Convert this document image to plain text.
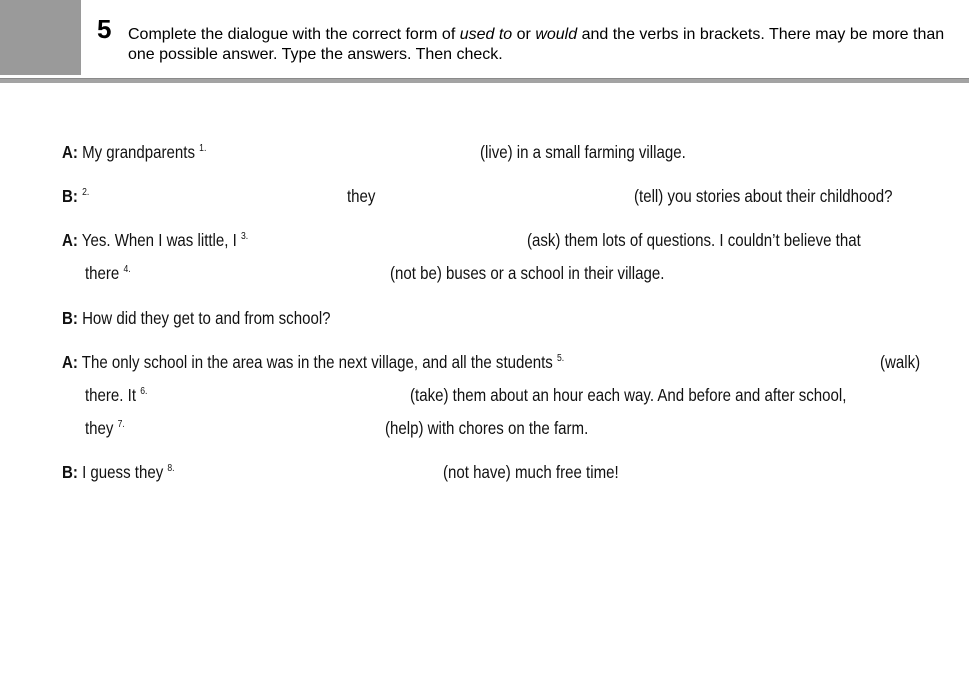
5 Complete the dialogue with the correct form of used to or would and the verbs in brackets. There may be more than one possible answer. Type the answers. Then check.
A: My grandparents $^{1.}$	(live) in a small farming village.
B: $^{2.}$	they	(tell) you stories about their childhood?
A: Yes. When I was little, I $^{3.}$	(ask) them lots of questions. I couldn’t believe that
there $^{4.}$	(not be) buses or a school in their village.
B: How did they get to and from school?
A: The only school in the area was in the next village, and all the students $^{5.}$	(walk)
there. It $^{6.}$	(take) them about an hour each way. And before and after school,
they $^{7.}$	(help) with chores on the farm.
B: I guess they $^{8.}$	(not have) much free time!
